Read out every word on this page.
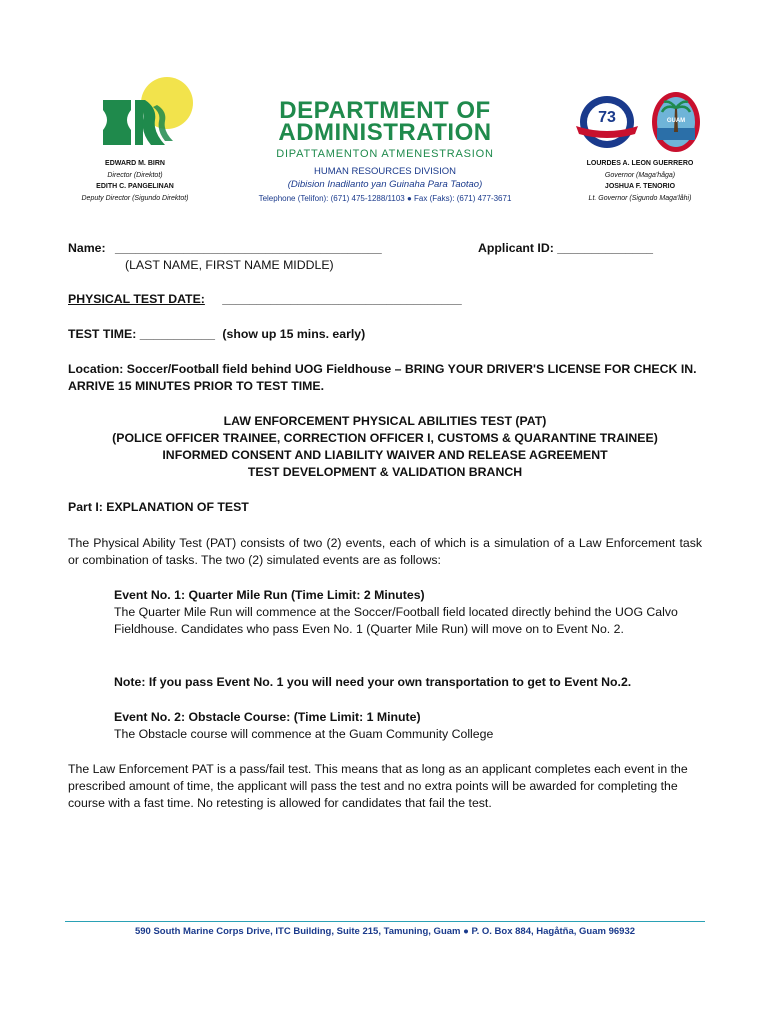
EDWARD M. BIRN
Director (Direktot)
EDITH C. PANGELINAN
Deputy Director (Sigundo Direktot)
DEPARTMENT OF
ADMINISTRATION
DIPATTAMENTON ATMENESTRASION
HUMAN RESOURCES DIVISION
(Dibision Inadilanto yan Guinaha Para Taotao)
Telephone (Telifon): (671) 475-1288/1103 ● Fax (Faks): (671) 477-3671
73	GUAM
LOURDES A. LEON GUERRERO
Governor (Maga'håga)
JOSHUA F. TENORIO
Lt. Governor (Sigundo Maga'låhi)
Name: _______________________________________	Applicant ID: ______________
(LAST NAME, FIRST NAME MIDDLE)
PHYSICAL TEST DATE: ___________________________________
TEST TIME: ___________ (show up 15 mins. early)
Location: Soccer/Football field behind UOG Fieldhouse – BRING YOUR DRIVER'S LICENSE FOR CHECK IN. ARRIVE 15 MINUTES PRIOR TO TEST TIME.
LAW ENFORCEMENT PHYSICAL ABILITIES TEST (PAT)
(POLICE OFFICER TRAINEE, CORRECTION OFFICER I, CUSTOMS & QUARANTINE TRAINEE)
INFORMED CONSENT AND LIABILITY WAIVER AND RELEASE AGREEMENT
TEST DEVELOPMENT & VALIDATION BRANCH
Part I: EXPLANATION OF TEST
The Physical Ability Test (PAT) consists of two (2) events, each of which is a simulation of a Law Enforcement task or combination of tasks. The two (2) simulated events are as follows:
Event No. 1: Quarter Mile Run (Time Limit: 2 Minutes)
The Quarter Mile Run will commence at the Soccer/Football field located directly behind the UOG Calvo Fieldhouse. Candidates who pass Even No. 1 (Quarter Mile Run) will move on to Event No. 2.
Note: If you pass Event No. 1 you will need your own transportation to get to Event No.2.
Event No. 2: Obstacle Course: (Time Limit: 1 Minute)
The Obstacle course will commence at the Guam Community College
The Law Enforcement PAT is a pass/fail test. This means that as long as an applicant completes each event in the prescribed amount of time, the applicant will pass the test and no extra points will be awarded for completing the course with a fast time. No retesting is allowed for candidates that fail the test.
590 South Marine Corps Drive, ITC Building, Suite 215, Tamuning, Guam ● P. O. Box 884, Hagåtña, Guam 96932
